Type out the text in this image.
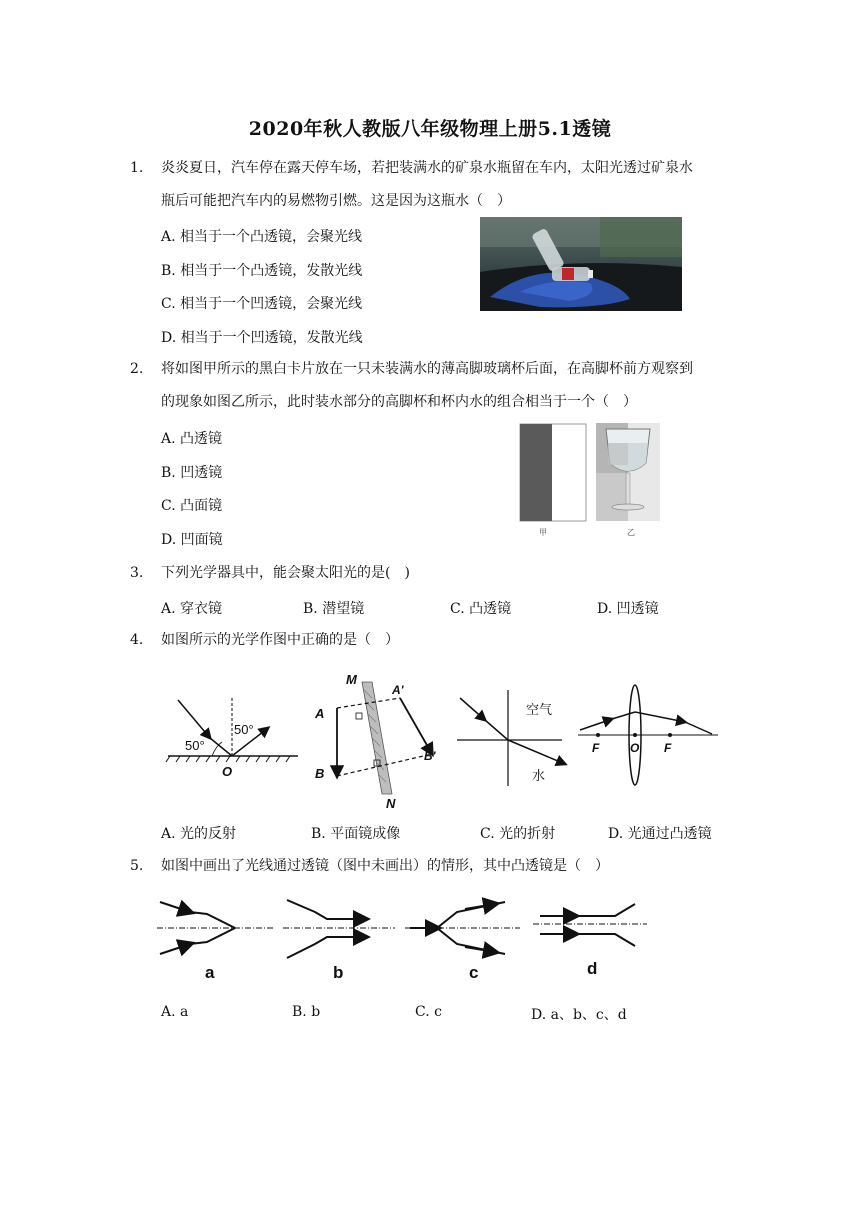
2020年秋人教版八年级物理上册5.1透镜
1. 炎炎夏日，汽车停在露天停车场，若把装满水的矿泉水瓶留在车内，太阳光透过矿泉水
瓶后可能把汽车内的易燃物引燃。这是因为这瓶水（　）
A. 相当于一个凸透镜，会聚光线
B. 相当于一个凸透镜，发散光线
C. 相当于一个凹透镜，会聚光线
D. 相当于一个凹透镜，发散光线
2. 将如图甲所示的黑白卡片放在一只未装满水的薄高脚玻璃杯后面，在高脚杯前方观察到
的现象如图乙所示，此时装水部分的高脚杯和杯内水的组合相当于一个（　）
A. 凸透镜
B. 凹透镜
C. 凸面镜
D. 凹面镜	甲	乙
3. 下列光学器具中，能会聚太阳光的是(　)
A. 穿衣镜	B. 潜望镜	C. 凸透镜	D. 凹透镜
4. 如图所示的光学作图中正确的是（　）
50°
50°
O
M
N
A
B
A'
B'
空气
水
F	O F
A. 光的反射	B. 平面镜成像	C. 光的折射	D. 光通过凸透镜
5. 如图中画出了光线通过透镜（图中未画出）的情形，其中凸透镜是（　）
a	b	c	d
A. a	B. b	C. c	D. a、b、c、d
